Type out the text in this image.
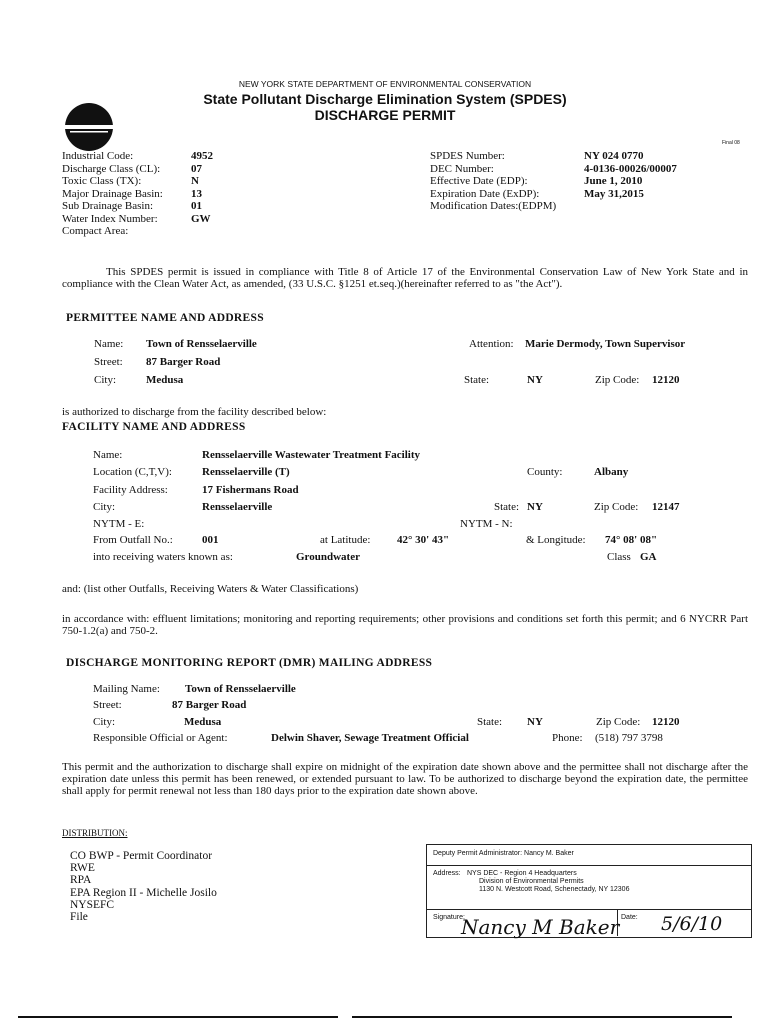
NEW YORK STATE DEPARTMENT OF ENVIRONMENTAL CONSERVATION
State Pollutant Discharge Elimination System (SPDES)
DISCHARGE PERMIT
Final 08
Industrial Code:	4952
Discharge Class (CL):	07
Toxic Class (TX):	N
Major Drainage Basin:	13
Sub Drainage Basin:	01
Water Index Number:	GW
Compact Area:
SPDES Number:	NY 024 0770
DEC Number:	4-0136-00026/00007
Effective Date (EDP):	June 1, 2010
Expiration Date (ExDP):	May 31,2015
Modification Dates:(EDPM)
This SPDES permit is issued in compliance with Title 8 of Article 17 of the Environmental Conservation Law of New York State and in compliance with the Clean Water Act, as amended, (33 U.S.C. §1251 et.seq.)(hereinafter referred to as "the Act").
PERMITTEE NAME AND ADDRESS
Name: Town of Rensselaerville	Attention: Marie Dermody, Town Supervisor
Street: 87 Barger Road
City:	Medusa	State:	NY	Zip Code: 12120
is authorized to discharge from the facility described below:
FACILITY NAME AND ADDRESS
Name:	Rensselaerville Wastewater Treatment Facility
Location (C,T,V):	Rensselaerville (T)	County:	Albany
Facility Address:	17 Fishermans Road
City:	Rensselaerville	State: NY	Zip Code: 12147
NYTM - E:	NYTM - N:
From Outfall No.:	001	at Latitude: 42° 30' 43"	& Longitude: 74° 08' 08"
into receiving waters known as:	Groundwater	Class GA
and: (list other Outfalls, Receiving Waters & Water Classifications)
in accordance with: effluent limitations; monitoring and reporting requirements; other provisions and conditions set forth this permit; and 6 NYCRR Part 750-1.2(a) and 750-2.
DISCHARGE MONITORING REPORT (DMR) MAILING ADDRESS
Mailing Name: Town of Rensselaerville
Street:	87 Barger Road
City:	Medusa	State: NY	Zip Code: 12120
Responsible Official or Agent:	Delwin Shaver, Sewage Treatment Official	Phone: (518) 797 3798
This permit and the authorization to discharge shall expire on midnight of the expiration date shown above and the permittee shall not discharge after the expiration date unless this permit has been renewed, or extended pursuant to law. To be authorized to discharge beyond the expiration date, the permittee shall apply for permit renewal not less than 180 days prior to the expiration date shown above.
DISTRIBUTION:
CO BWP - Permit Coordinator
RWE
RPA
EPA Region II - Michelle Josilo
NYSEFC
File
Deputy Permit Administrator: Nancy M. Baker
Address: NYS DEC - Region 4 Headquarters
Division of Environmental Permits
1130 N. Westcott Road, Schenectady, NY 12306
Signature:	Date: 5/6/10
Nancy M Baker
